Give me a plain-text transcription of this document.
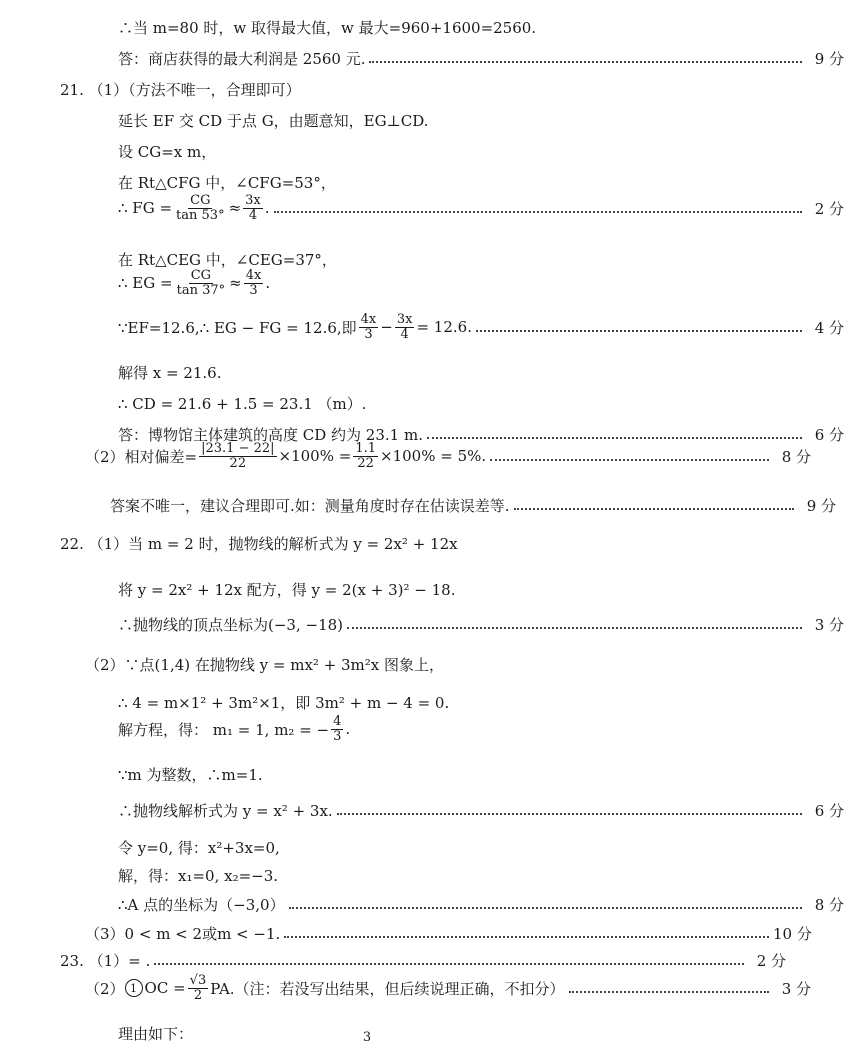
∴当 m=80 时，w 取得最大值，w 最大=960+1600=2560.
答：商店获得的最大利润是 2560 元.	9 分
21. （1）（方法不唯一，合理即可）
延长 EF 交 CD 于点 G，由题意知，EG⊥CD.
设 CG=x m，
在 Rt△CFG 中，∠CFG=53°，
在 Rt△CEG 中，∠CEG=37°，
解得 x = 21.6.
∴ CD = 21.6 + 1.5 = 23.1 （m）.
答：博物馆主体建筑的高度 CD 约为 23.1 m.	6 分
答案不唯一，建议合理即可.如：测量角度时存在估读误差等.	9 分
22. （1）当 m = 2 时，抛物线的解析式为 y = 2x² + 12x
将 y = 2x² + 12x 配方，得 y = 2(x + 3)² − 18.
∴抛物线的顶点坐标为(−3, −18)	3 分
（2）∵点(1,4) 在抛物线 y = mx² + 3m²x 图象上，
∴ 4 = m×1² + 3m²×1，即 3m² + m − 4 = 0.
∵m 为整数，∴m=1.
∴抛物线解析式为 y = x² + 3x.	6 分
令 y=0, 得：x²+3x=0,
解，得：x₁=0, x₂=−3.
∴A 点的坐标为（−3,0）	8 分
（3）0 < m < 2或m < −1.	10 分
23. （1）= .	2 分
理由如下：
∴ FG = $\frac{CG}{\tan 53^\circ} \approx \frac{3x}{4}$ .	2 分
∴ EG = $\frac{CG}{\tan 37^\circ} \approx \frac{4x}{3}$ .
∵EF=12.6,∴ EG − FG = 12.6,即 $\frac{4x}{3} - \frac{3x}{4} = 12.6$.	4 分
（2）相对偏差= $\frac{|23.1 - 22|}{22} \times 100\% = \frac{1.1}{22} \times 100\% = 5\%$.	8 分
解方程，得： m₁ = 1, m₂ = − $\frac{4}{3}$ .
（2） 1 OC = $\frac{√3}{2} PA$.（注：若没写出结果，但后续说理正确，不扣分）	3 分
3
